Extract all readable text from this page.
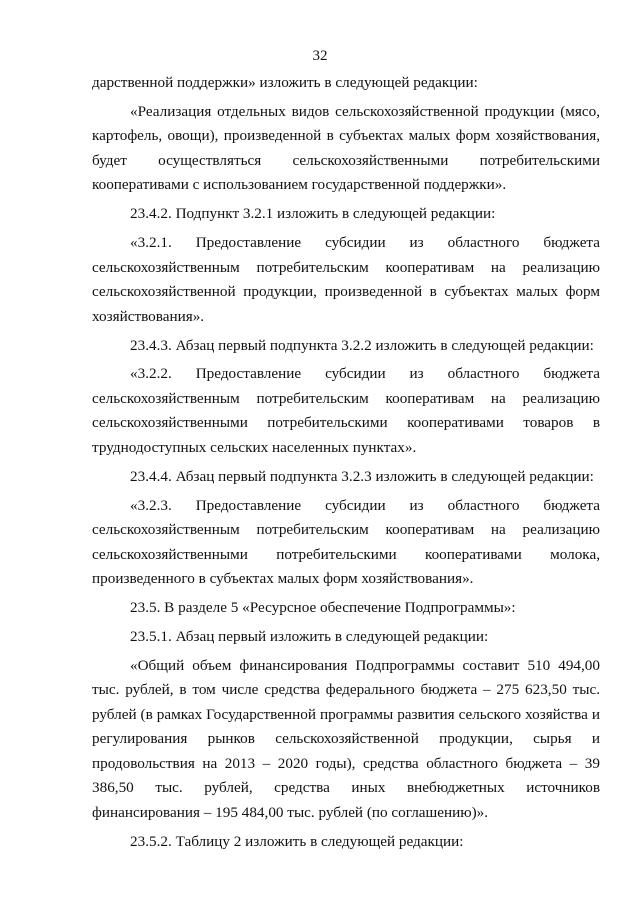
32

дарственной поддержки» изложить в следующей редакции:

«Реализация отдельных видов сельскохозяйственной продукции (мясо, картофель, овощи), произведенной в субъектах малых форм хозяйствования, будет осуществляться сельскохозяйственными потребительскими кооперативами с использованием государственной поддержки».

23.4.2. Подпункт 3.2.1 изложить в следующей редакции:

«3.2.1. Предоставление субсидии из областного бюджета сельскохозяйственным потребительским кооперативам на реализацию сельскохозяйственной продукции, произведенной в субъектах малых форм хозяйствования».

23.4.3. Абзац первый подпункта 3.2.2 изложить в следующей редакции:

«3.2.2. Предоставление субсидии из областного бюджета сельскохозяйственным потребительским кооперативам на реализацию сельскохозяйственными потребительскими кооперативами товаров в труднодоступных сельских населенных пунктах».

23.4.4. Абзац первый подпункта 3.2.3 изложить в следующей редакции:

«3.2.3. Предоставление субсидии из областного бюджета сельскохозяйственным потребительским кооперативам на реализацию сельскохозяйственными потребительскими кооперативами молока, произведенного в субъектах малых форм хозяйствования».

23.5. В разделе 5 «Ресурсное обеспечение Подпрограммы»:

23.5.1. Абзац первый изложить в следующей редакции:

«Общий объем финансирования Подпрограммы составит 510 494,00 тыс. рублей, в том числе средства федерального бюджета – 275 623,50 тыс. рублей (в рамках Государственной программы развития сельского хозяйства и регулирования рынков сельскохозяйственной продукции, сырья и продовольствия на 2013 – 2020 годы), средства областного бюджета – 39 386,50 тыс. рублей, средства иных внебюджетных источников финансирования – 195 484,00 тыс. рублей (по соглашению)».

23.5.2. Таблицу 2 изложить в следующей редакции:
